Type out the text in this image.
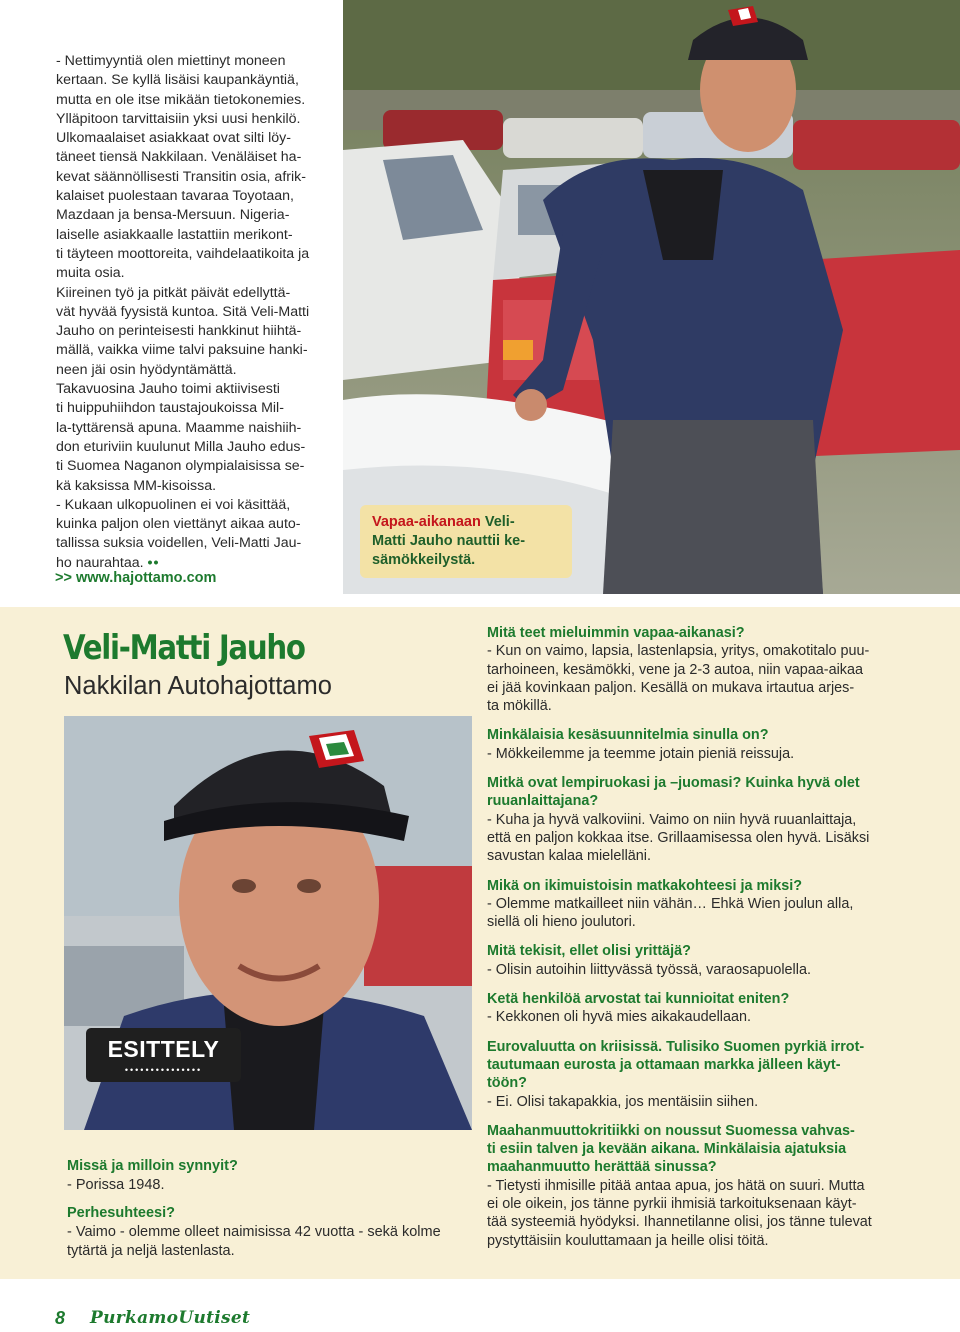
- Nettimyyntiä olen miettinyt moneen

kertaan. Se kyllä lisäisi kaupankäyntiä,

mutta en ole itse mikään tietokonemies.

Ylläpitoon tarvittaisiin yksi uusi henkilö.

Ulkomaalaiset asiakkaat ovat silti löy-

täneet tiensä Nakkilaan. Venäläiset ha-

kevat säännöllisesti Transitin osia, afrik-

kalaiset puolestaan tavaraa Toyotaan,

Mazdaan ja bensa-Mersuun. Nigeria-

laiselle asiakkaalle lastattiin merikont-

ti täyteen moottoreita, vaihdelaatikoita ja

muita osia.

Kiireinen työ ja pitkät päivät edellyttä-

vät hyvää fyysistä kuntoa. Sitä Veli-Matti

Jauho on perinteisesti hankkinut hiihtä-

mällä, vaikka viime talvi paksuine hanki-

neen jäi osin hyödyntämättä.

Takavuosina Jauho toimi aktiivisesti

ti huippuhiihdon taustajoukoissa Mil-

la-tyttärensä apuna. Maamme naishiih-

don eturiviin kuulunut Milla Jauho edus-

ti Suomea Naganon olympialaisissa se-

kä kaksissa MM-kisoissa.

- Kukaan ulkopuolinen ei voi käsittää,

kuinka paljon olen viettänyt aikaa auto-

tallissa suksia voidellen, Veli-Matti Jau-

ho naurahtaa. ••

>> www.hajottamo.com
Vapaa-aikanaan Veli-
Matti Jauho nauttii ke-
sämökkeilystä.
Veli-Matti Jauho
Nakkilan Autohajottamo
ESITTELY
•••••••••••••••

Missä ja milloin synnyit?

- Porissa 1948.

Perhesuhteesi?

- Vaimo - olemme olleet naimisissa 42 vuotta - sekä kolme

tytärtä ja neljä lastenlasta.

Mitä teet mieluimmin vapaa-aikanasi?

- Kun on vaimo, lapsia, lastenlapsia, yritys, omakotitalo puu-

tarhoineen, kesämökki, vene ja 2-3 autoa, niin vapaa-aikaa

ei jää kovinkaan paljon. Kesällä on mukava irtautua arjes-

ta mökillä.

Minkälaisia kesäsuunnitelmia sinulla on?

- Mökkeilemme ja teemme jotain pieniä reissuja.

Mitkä ovat lempiruokasi ja –juomasi? Kuinka hyvä olet

ruuanlaittajana?

- Kuha ja hyvä valkoviini. Vaimo on niin hyvä ruuanlaittaja,

että en paljon kokkaa itse. Grillaamisessa olen hyvä. Lisäksi

savustan kalaa mielelläni.

Mikä on ikimuistoisin matkakohteesi ja miksi?

- Olemme matkailleet niin vähän… Ehkä Wien joulun alla,

siellä oli hieno joulutori.

Mitä tekisit, ellet olisi yrittäjä?

- Olisin autoihin liittyvässä työssä, varaosapuolella.

Ketä henkilöä arvostat tai kunnioitat eniten?

- Kekkonen oli hyvä mies aikakaudellaan.

Eurovaluutta on kriisissä. Tulisiko Suomen pyrkiä irrot-

tautumaan eurosta ja ottamaan markka jälleen käyt-

töön?

- Ei. Olisi takapakkia, jos mentäisiin siihen.

Maahanmuuttokritiikki on noussut Suomessa vahvas-

ti esiin talven ja kevään aikana. Minkälaisia ajatuksia

maahanmuutto herättää sinussa?

- Tietysti ihmisille pitää antaa apua, jos hätä on suuri. Mutta

ei ole oikein, jos tänne pyrkii ihmisiä tarkoituksenaan käyt-

tää systeemiä hyödyksi. Ihannetilanne olisi, jos tänne tulevat

pystyttäisiin kouluttamaan ja heille olisi töitä.

8 PurkamoUutiset
